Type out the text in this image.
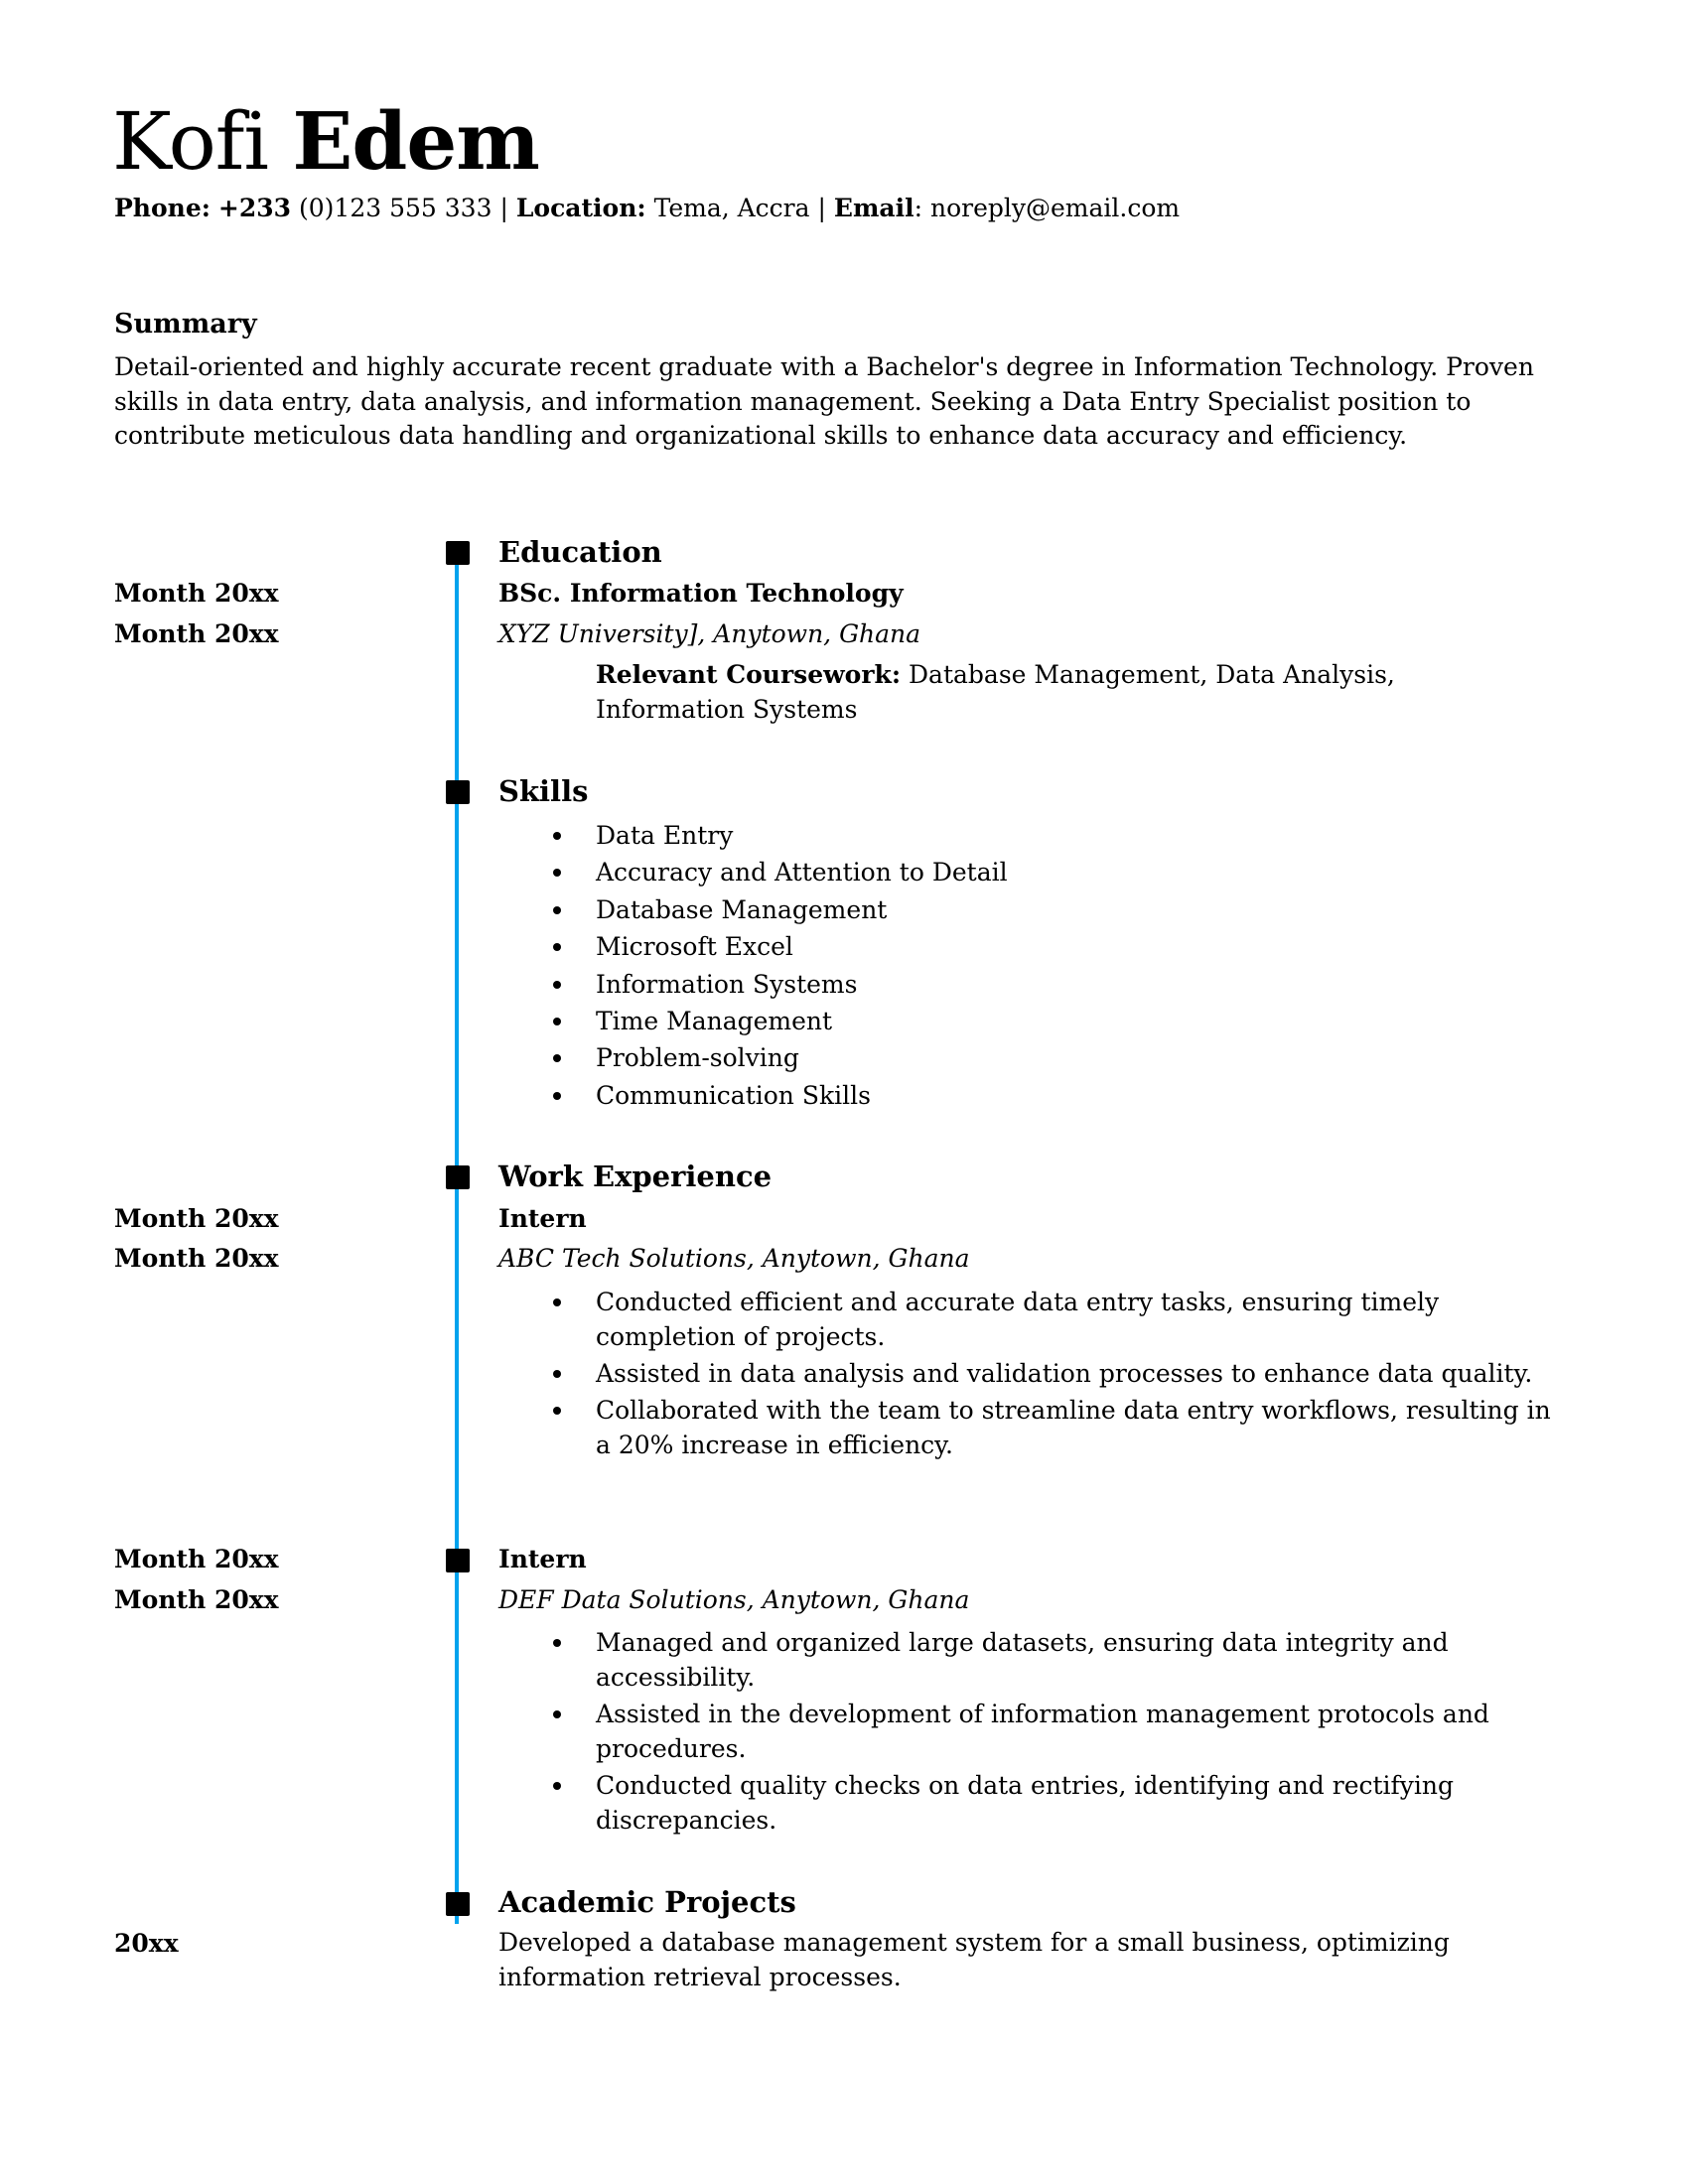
Kofi Edem
Phone: +233 (0)123 555 333 | Location: Tema, Accra | Email: noreply@email.com
Summary
Detail-oriented and highly accurate recent graduate with a Bachelor's degree in Information Technology. Proven skills in data entry, data analysis, and information management. Seeking a Data Entry Specialist position to contribute meticulous data handling and organizational skills to enhance data accuracy and efficiency.
Education
Month 20xx
Month 20xx
BSc. Information Technology
XYZ University], Anytown, Ghana
Relevant Coursework: Database Management, Data Analysis, Information Systems
Skills
Data Entry
Accuracy and Attention to Detail
Database Management
Microsoft Excel
Information Systems
Time Management
Problem-solving
Communication Skills
Work Experience
Month 20xx
Month 20xx
Intern
ABC Tech Solutions, Anytown, Ghana
Conducted efficient and accurate data entry tasks, ensuring timely completion of projects.
Assisted in data analysis and validation processes to enhance data quality.
Collaborated with the team to streamline data entry workflows, resulting in a 20% increase in efficiency.
Month 20xx
Month 20xx
Intern
DEF Data Solutions, Anytown, Ghana
Managed and organized large datasets, ensuring data integrity and accessibility.
Assisted in the development of information management protocols and procedures.
Conducted quality checks on data entries, identifying and rectifying discrepancies.
Academic Projects
20xx	Developed a database management system for a small business, optimizing information retrieval processes.
